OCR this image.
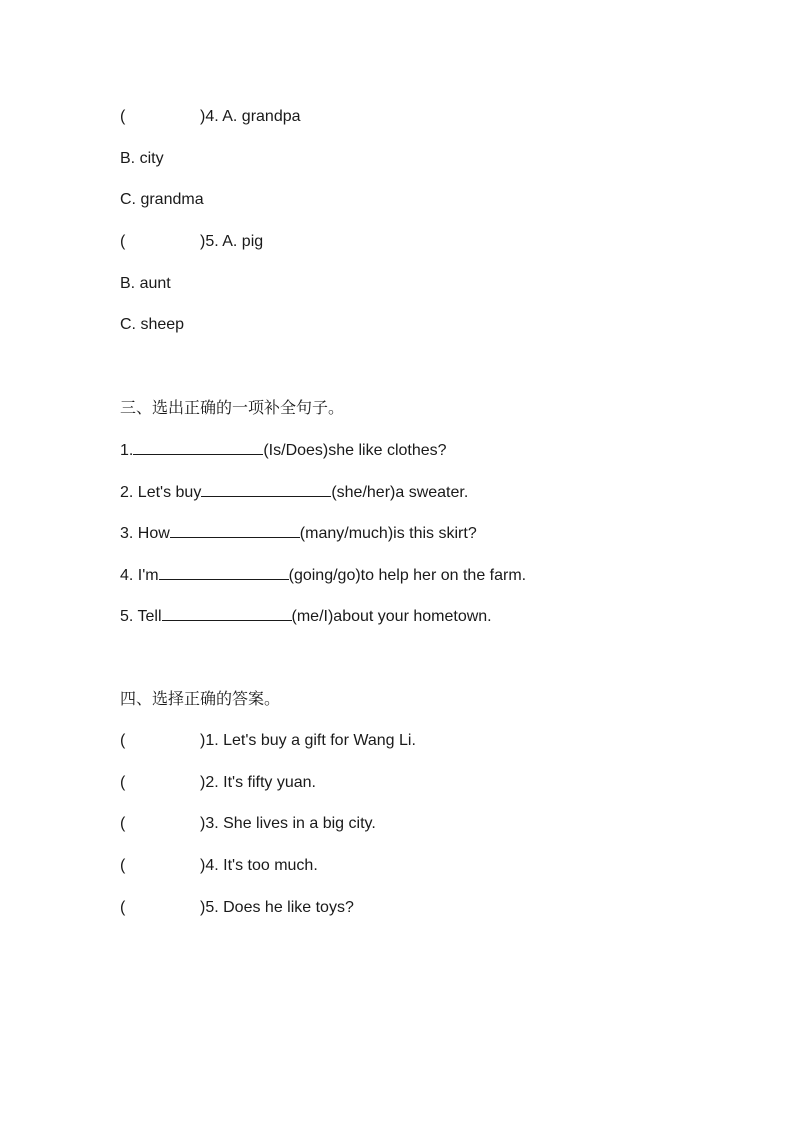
(	)4. A. grandpa
B. city
C. grandma
(	)5. A. pig
B. aunt
C. sheep
三、选出正确的一项补全句子。
1.	(Is/Does)she like clothes?
2. Let's buy	(she/her)a sweater.
3. How	(many/much)is this skirt?
4. I'm	(going/go)to help her on the farm.
5. Tell	(me/I)about your hometown.
四、选择正确的答案。
(	)1. Let's buy a gift for Wang Li.
(	)2. It's fifty yuan.
(	)3. She lives in a big city.
(	)4. It's too much.
(	)5. Does he like toys?
